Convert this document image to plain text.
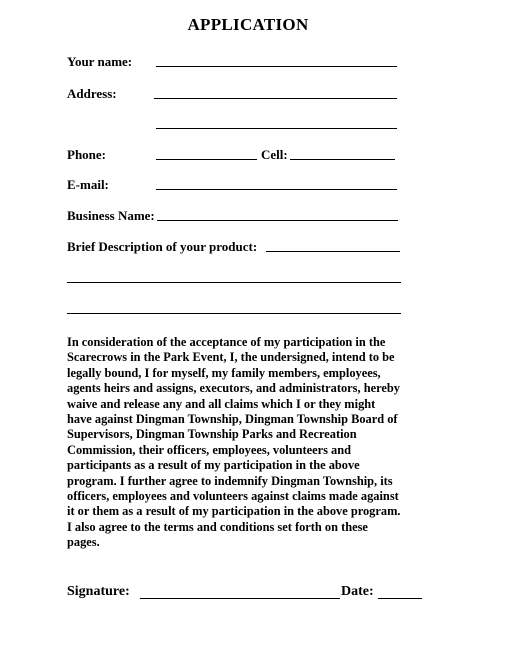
APPLICATION
Your name:
Address:
Phone:	Cell:
E-mail:
Business Name:
Brief Description of your product:
In consideration of the acceptance of my participation in the
Scarecrows in the Park Event, I, the undersigned, intend to be
legally bound, I for myself, my family members, employees,
agents heirs and assigns, executors, and administrators, hereby
waive and release any and all claims which I or they might
have against Dingman Township, Dingman Township Board of
Supervisors, Dingman Township Parks and Recreation
Commission, their officers, employees, volunteers and
participants as a result of my participation in the above
program. I further agree to indemnify Dingman Township, its
officers, employees and volunteers against claims made against
it or them as a result of my participation in the above program.
I also agree to the terms and conditions set forth on these
pages.
Signature:	Date:
